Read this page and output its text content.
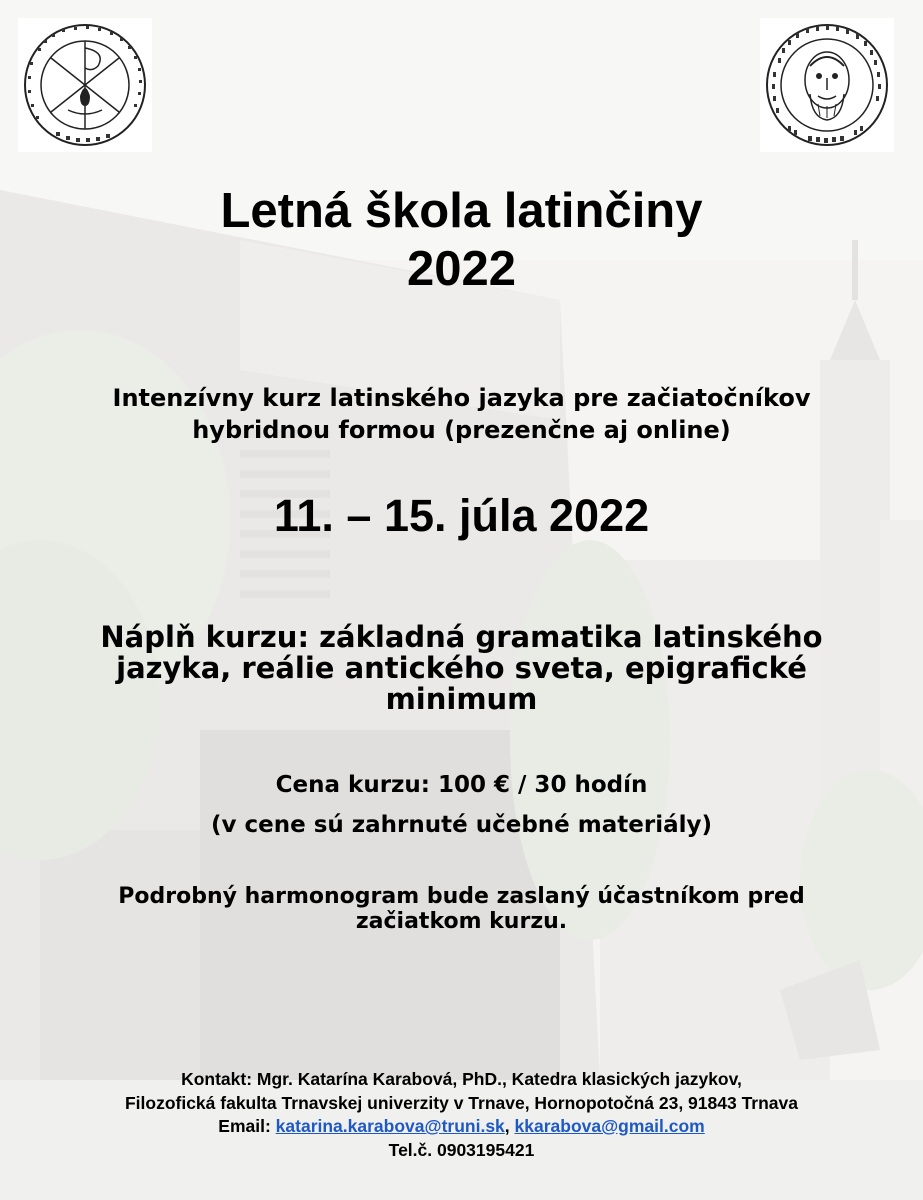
Letná škola latinčiny
2022
Intenzívny kurz latinského jazyka pre začiatočníkov
hybridnou formou (prezenčne aj online)
11. – 15. júla 2022
Náplň kurzu: základná gramatika latinského
jazyka, reálie antického sveta, epigrafické
minimum
Cena kurzu: 100 € / 30 hodín
(v cene sú zahrnuté učebné materiály)
Podrobný harmonogram bude zaslaný účastníkom pred
začiatkom kurzu.
Kontakt: Mgr. Katarína Karabová, PhD., Katedra klasických jazykov,
Filozofická fakulta Trnavskej univerzity v Trnave, Hornopotočná 23, 91843 Trnava
Email: katarina.karabova@truni.sk, kkarabova@gmail.com
Tel.č. 0903195421
